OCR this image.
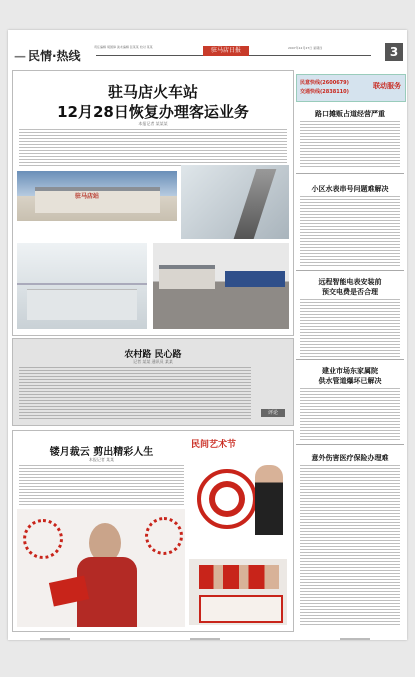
— 民情·热线
责任编辑 胡国璋 美术编辑 张某某 校对 某某	驻马店日报	2007年12月27日 星期四	3
驻马店火车站
12月28日恢复办理客运业务
本报记者 某某某
驻马店站
农村路 民心路
记者 某某 通讯员 某某
评论
镂月裁云 剪出精彩人生
本报记者 某某
民间艺术节
民意快线(2600679)
交通快线(2838110)
联动服务
路口摊贩占道经营严重
小区水表串号问题难解决
远程智能电表安装前
预交电费是否合理
建业市场东家属院
供水管道爆坏已解决
意外伤害医疗保险办理难
